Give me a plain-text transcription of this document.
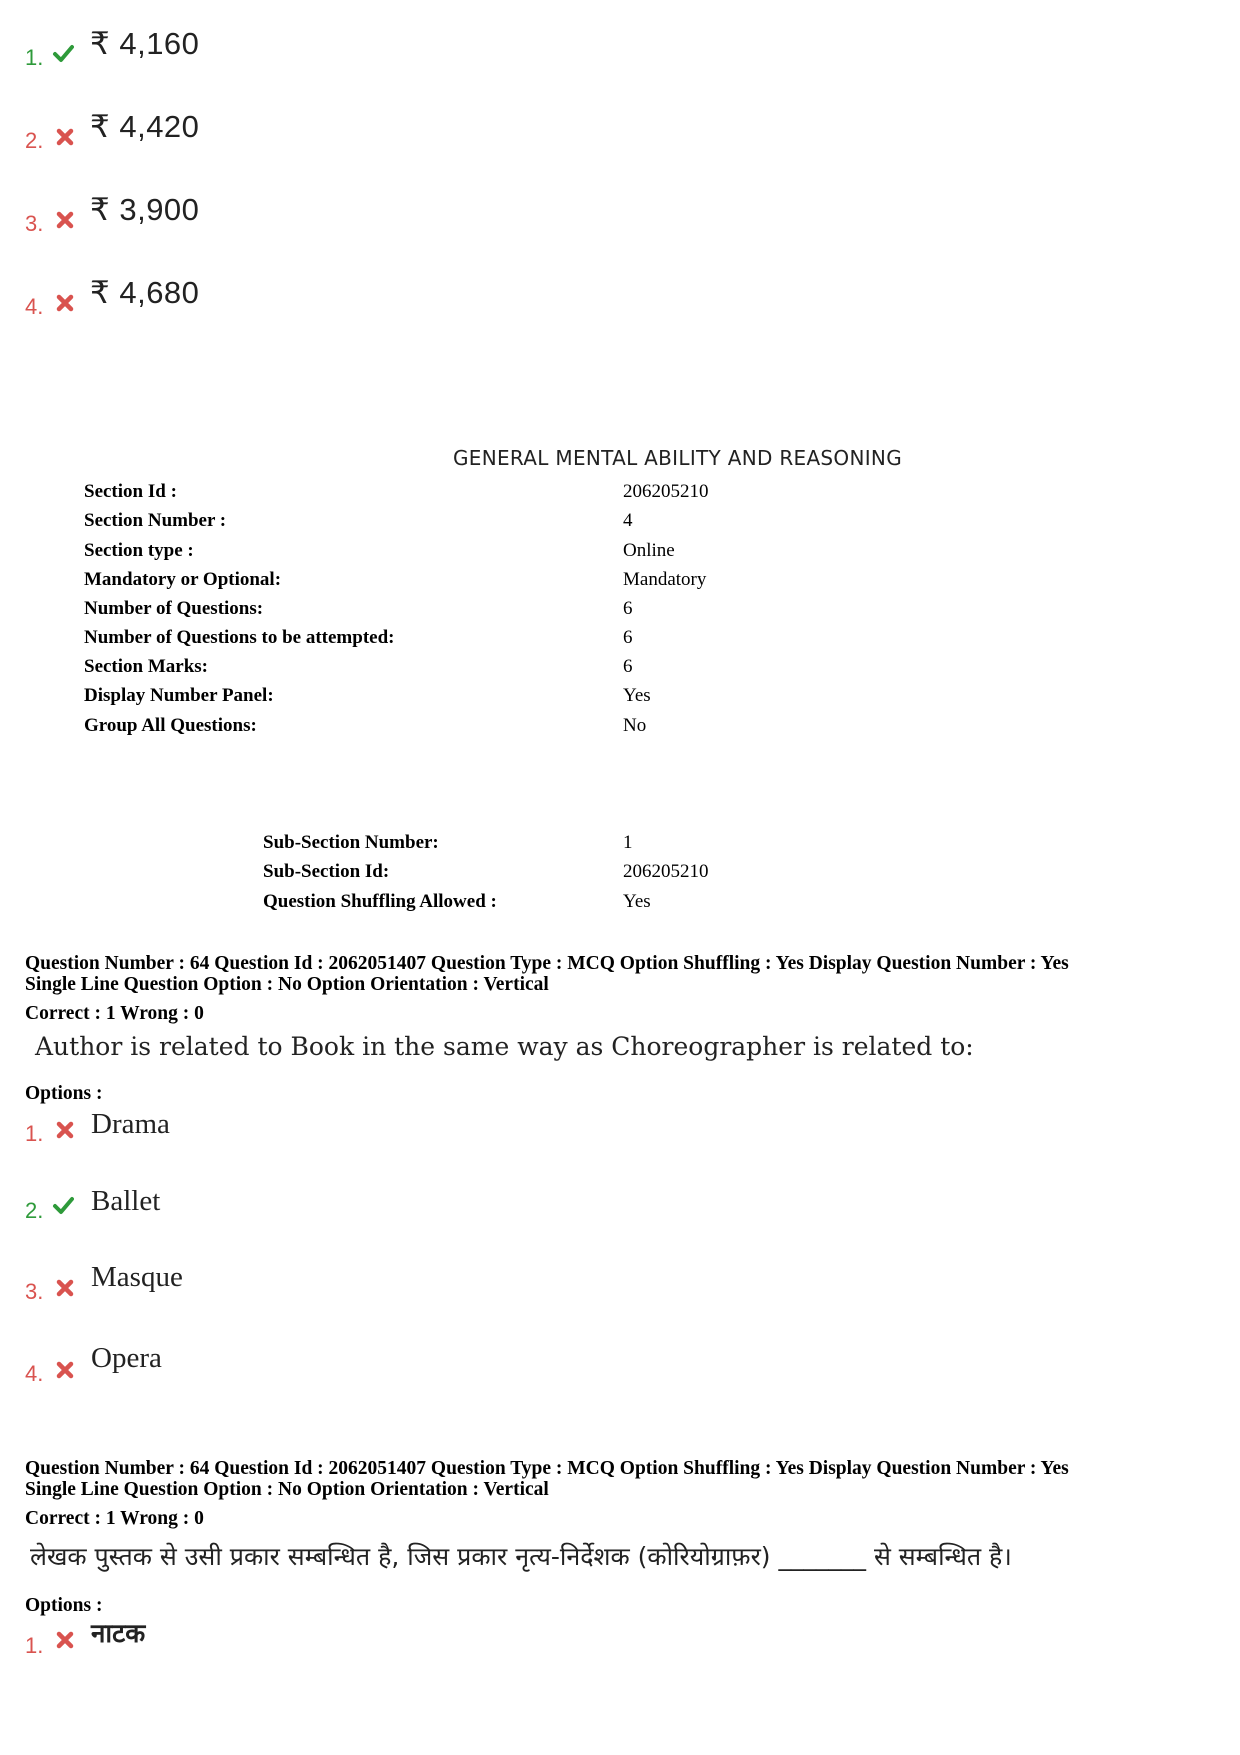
1. ₹ 4,160
2. ₹ 4,420
3. ₹ 3,900
4. ₹ 4,680
GENERAL MENTAL ABILITY AND REASONING
Section Id :	206205210
Section Number :	4
Section type :	Online
Mandatory or Optional:	Mandatory
Number of Questions:	6
Number of Questions to be attempted:	6
Section Marks:	6
Display Number Panel:	Yes
Group All Questions:	No
Sub-Section Number:	1
Sub-Section Id:	206205210
Question Shuffling Allowed :	Yes
Question Number : 64 Question Id : 2062051407 Question Type : MCQ Option Shuffling : Yes Display Question Number : Yes
Single Line Question Option : No Option Orientation : Vertical
Correct : 1 Wrong : 0
Author is related to Book in the same way as Choreographer is related to:
Options :
1. Drama
2. Ballet
3. Masque
4. Opera
Question Number : 64 Question Id : 2062051407 Question Type : MCQ Option Shuffling : Yes Display Question Number : Yes
Single Line Question Option : No Option Orientation : Vertical
Correct : 1 Wrong : 0
लेखक पुस्तक से उसी प्रकार सम्बन्धित है, जिस प्रकार नृत्य-निर्देशक (कोरियोग्राफ़र) _______ से सम्बन्धित है।
Options :
1. नाटक
